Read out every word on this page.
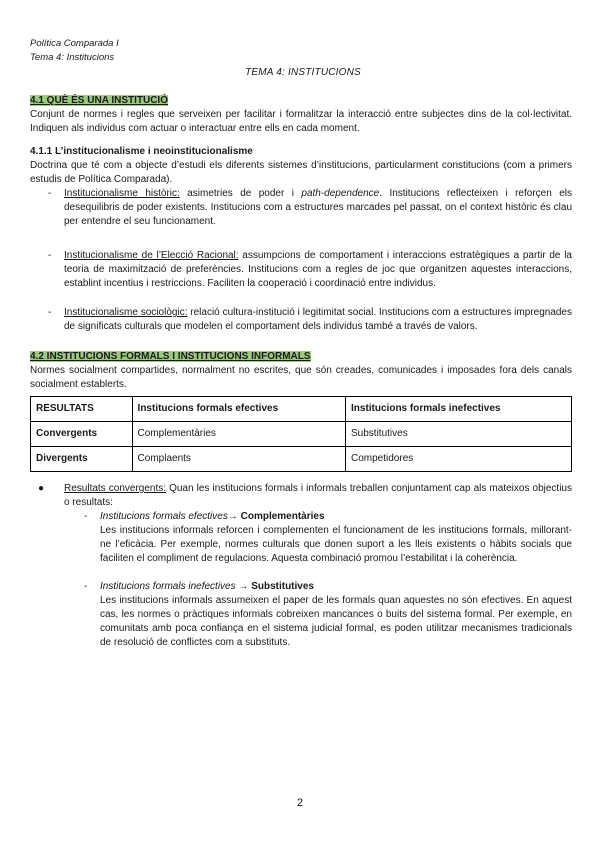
Política Comparada I
Tema 4: Institucions
TEMA 4: INSTITUCIONS

4.1 QUÈ ÉS UNA INSTITUCIÓ

Conjunt de normes i regles que serveixen per facilitar i formalitzar la interacció entre subjectes dins de la col·lectivitat. Indiquen als individus com actuar o interactuar entre ells en cada moment.

4.1.1 L’institucionalisme i neoinstitucionalisme

Doctrina que té com a objecte d’estudi els diferents sistemes d’institucions, particularment constitucions (com a primers estudis de Política Comparada).

- Institucionalisme històric: asimetries de poder i path-dependence. Institucions reflecteixen i reforçen els desequilibris de poder existents. Institucions com a estructures marcades pel passat, on el context històric és clau per entendre el seu funcionament.
- Institucionalisme de l’Elecció Racional: assumpcions de comportament i interaccions estratègiques a partir de la teoria de maximització de preferències. Institucions com a regles de joc que organitzen aquestes interaccions, establint incentius i restriccions. Faciliten la cooperació i coordinació entre individus.
- Institucionalisme sociològic: relació cultura-institució i legitimitat social. Institucions com a estructures impregnades de significats culturals que modelen el comportament dels individus també a través de valors.

4.2 INSTITUCIONS FORMALS I INSTITUCIONS INFORMALS

Normes socialment compartides, normalment no escrites, que són creades, comunicades i imposades fora dels canals socialment establerts.

RESULTATS	Institucions formals efectives	Institucions formals inefectives
Convergents	Complementàries	Substitutives
Divergents	Complaents	Competidores
● Resultats convergents: Quan les institucions formals i informals treballen conjuntament cap als mateixos objectius o resultats:
- Institucions formals efectives→ Complementàries
Les institucions informals reforcen i complementen el funcionament de les institucions formals, millorant-ne l’eficàcia. Per exemple, normes culturals que donen suport a les lleis existents o hàbits socials que faciliten el compliment de regulacions. Aquesta combinació promou l’estabilitat i la coherència.
- Institucions formals inefectives → Substitutives
Les institucions informals assumeixen el paper de les formals quan aquestes no són efectives. En aquest cas, les normes o pràctiques informals cobreixen mancances o buits del sistema formal. Per exemple, en comunitats amb poca confiança en el sistema judicial formal, es poden utilitzar mecanismes tradicionals de resolució de conflictes com a substituts.
2
